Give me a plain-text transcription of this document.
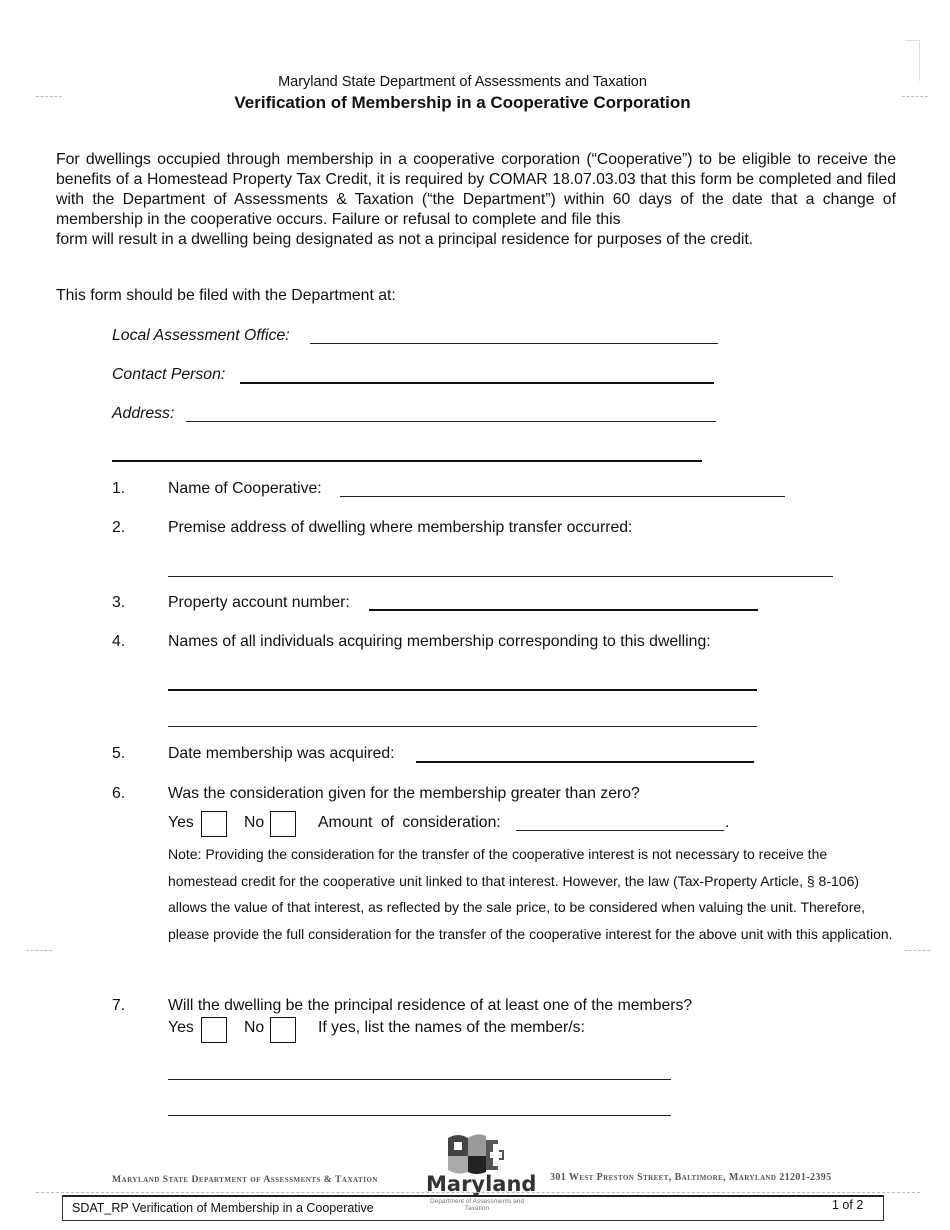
Maryland State Department of Assessments and Taxation
Verification of Membership in a Cooperative Corporation
For dwellings occupied through membership in a cooperative corporation (“Cooperative”) to be eligible to receive the benefits of a Homestead Property Tax Credit, it is required by COMAR 18.07.03.03 that this form be completed and filed with the Department of Assessments & Taxation (“the Department”) within 60 days of the date that a change of membership in the cooperative occurs. Failure or refusal to complete and file this
form will result in a dwelling being designated as not a principal residence for purposes of the credit.
This form should be filed with the Department at:
Local Assessment Office:
Contact Person:
Address:
1.	Name of Cooperative:
2.	Premise address of dwelling where membership transfer occurred:
3.	Property account number:
4.	Names of all individuals acquiring membership corresponding to this dwelling:
5.	Date membership was acquired:
6.	Was the consideration given for the membership greater than zero?
Yes	No	Amount of consideration:	.
Note: Providing the consideration for the transfer of the cooperative interest is not necessary to receive the homestead credit for the cooperative unit linked to that interest. However, the law (Tax-Property Article, § 8-106) allows the value of that interest, as reflected by the sale price, to be considered when valuing the unit. Therefore, please provide the full consideration for the transfer of the cooperative interest for the above unit with this application.
7.	Will the dwelling be the principal residence of at least one of the members?
Yes	No	If yes, list the names of the member/s:
Maryland State Department of Assessments & Taxation Maryland
Department of Assessments and Taxation
301 West Preston Street, Baltimore, Maryland 21201-2395
SDAT_RP Verification of Membership in a Cooperative	1 of 2
